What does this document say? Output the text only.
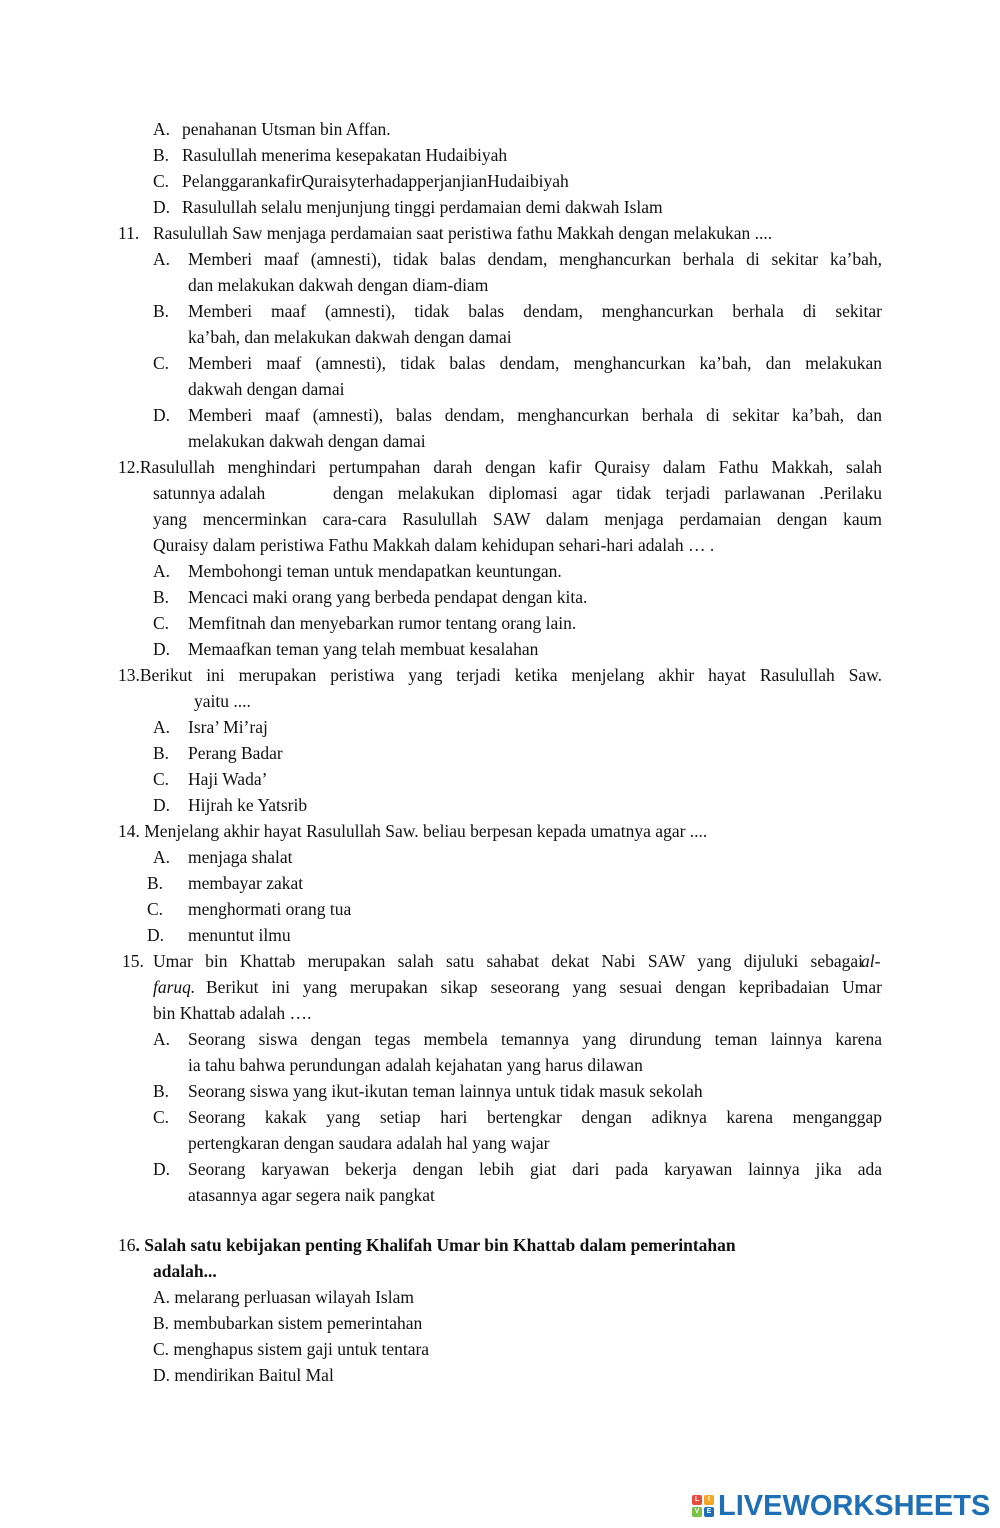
A. penahanan Utsman bin Affan.
B. Rasulullah menerima kesepakatan Hudaibiyah
C. PelanggarankafirQuraisyterhadapperjanjianHudaibiyah
D. Rasulullah selalu menjunjung tinggi perdamaian demi dakwah Islam
11. Rasulullah Saw menjaga perdamaian saat peristiwa fathu Makkah dengan melakukan ....
A. Memberi maaf (amnesti), tidak balas dendam, menghancurkan berhala di sekitar ka’bah,
dan melakukan dakwah dengan diam-diam
B. Memberi maaf (amnesti), tidak balas dendam, menghancurkan berhala di sekitar
ka’bah, dan melakukan dakwah dengan damai
C. Memberi maaf (amnesti), tidak balas dendam, menghancurkan ka’bah, dan melakukan
dakwah dengan damai
D. Memberi maaf (amnesti), balas dendam, menghancurkan berhala di sekitar ka’bah, dan
melakukan dakwah dengan damai
12.Rasulullah menghindari pertumpahan darah dengan kafir Quraisy dalam Fathu Makkah, salah
satunnya adalah	dengan melakukan diplomasi agar tidak terjadi parlawanan .Perilaku
yang mencerminkan cara-cara Rasulullah SAW dalam menjaga perdamaian dengan kaum
Quraisy dalam peristiwa Fathu Makkah dalam kehidupan sehari-hari adalah … .
A. Membohongi teman untuk mendapatkan keuntungan.
B. Mencaci maki orang yang berbeda pendapat dengan kita.
C. Memfitnah dan menyebarkan rumor tentang orang lain.
D. Memaafkan teman yang telah membuat kesalahan
13.Berikut ini merupakan peristiwa yang terjadi ketika menjelang akhir hayat Rasulullah Saw.
yaitu ....
A. Isra’ Mi’raj
B. Perang Badar
C. Haji Wada’
D. Hijrah ke Yatsrib
14. Menjelang akhir hayat Rasulullah Saw. beliau berpesan kepada umatnya agar ....
A. menjaga shalat
B. membayar zakat
C. menghormati orang tua
D. menuntut ilmu
15. Umar bin Khattab merupakan salah satu sahabat dekat Nabi SAW yang dijuluki sebagai
al-
faruq. Berikut ini yang merupakan sikap seseorang yang sesuai dengan kepribadaian Umar
bin Khattab adalah ….
A. Seorang siswa dengan tegas membela temannya yang dirundung teman lainnya karena
ia tahu bahwa perundungan adalah kejahatan yang harus dilawan
B. Seorang siswa yang ikut-ikutan teman lainnya untuk tidak masuk sekolah
C. Seorang kakak yang setiap hari bertengkar dengan adiknya karena menganggap
pertengkaran dengan saudara adalah hal yang wajar
D. Seorang karyawan bekerja dengan lebih giat dari pada karyawan lainnya jika ada
atasannya agar segera naik pangkat
16. Salah satu kebijakan penting Khalifah Umar bin Khattab dalam pemerintahan
adalah...
A. melarang perluasan wilayah Islam
B. membubarkan sistem pemerintahan
C. menghapus sistem gaji untuk tentara
D. mendirikan Baitul Mal
L	I
V	E LIVEWORKSHEETS
